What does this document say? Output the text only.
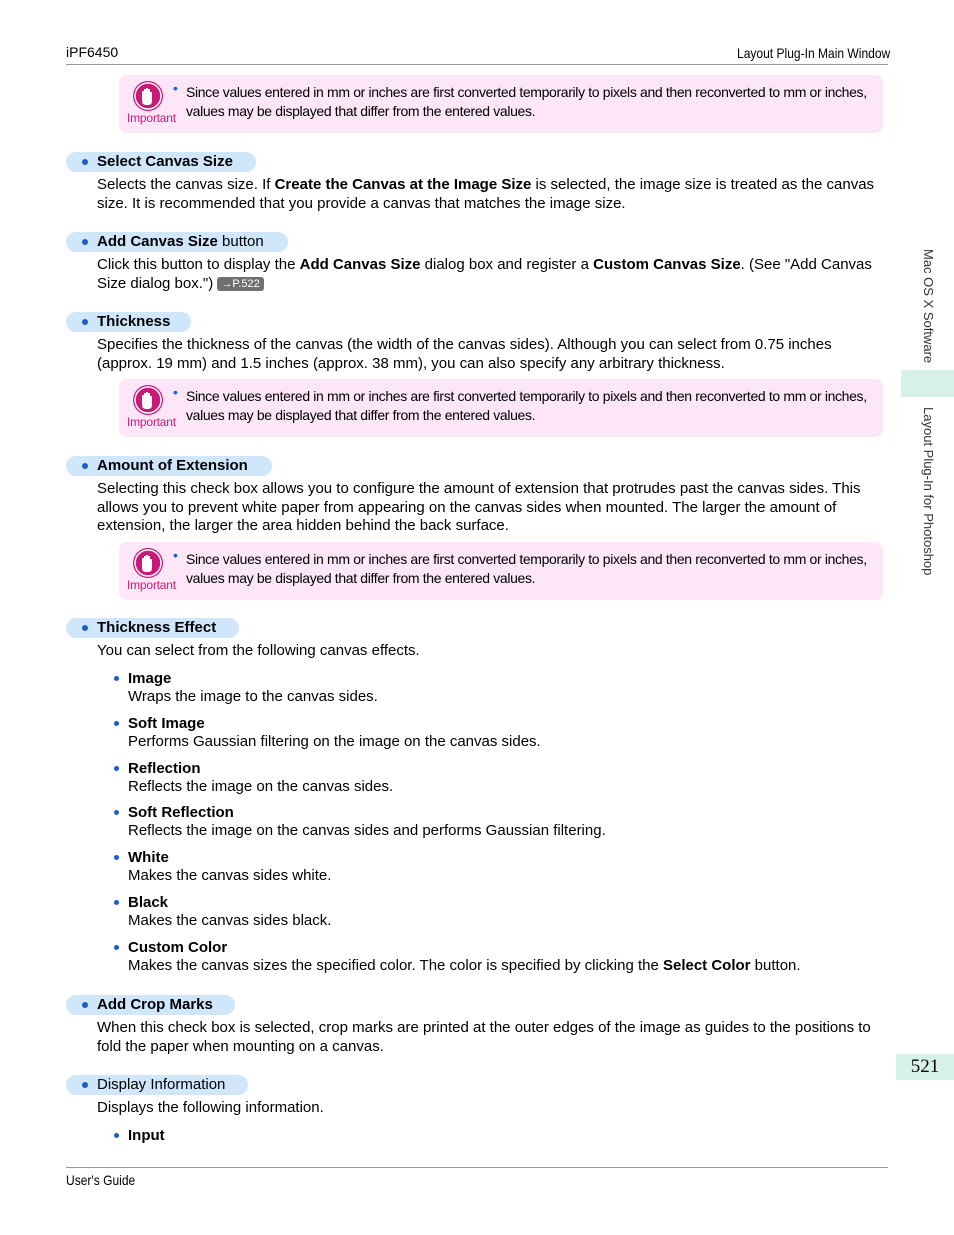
iPF6450	Layout Plug-In Main Window
Important
• Since values entered in mm or inches are first converted temporarily to pixels and then reconverted to mm or inches, values may be displayed that differ from the entered values.
Select Canvas Size
Selects the canvas size. If Create the Canvas at the Image Size is selected, the image size is treated as the canvas size. It is recommended that you provide a canvas that matches the image size.
Add Canvas Size button
Click this button to display the Add Canvas Size dialog box and register a Custom Canvas Size. (See "Add Canvas Size dialog box.") →P.522
Thickness
Specifies the thickness of the canvas (the width of the canvas sides). Although you can select from 0.75 inches (approx. 19 mm) and 1.5 inches (approx. 38 mm), you can also specify any arbitrary thickness.
Important
• Since values entered in mm or inches are first converted temporarily to pixels and then reconverted to mm or inches, values may be displayed that differ from the entered values.
Amount of Extension
Selecting this check box allows you to configure the amount of extension that protrudes past the canvas sides. This allows you to prevent white paper from appearing on the canvas sides when mounted. The larger the amount of extension, the larger the area hidden behind the back surface.
Important
• Since values entered in mm or inches are first converted temporarily to pixels and then reconverted to mm or inches, values may be displayed that differ from the entered values.
Thickness Effect
You can select from the following canvas effects.
Image
Wraps the image to the canvas sides.
Soft Image
Performs Gaussian filtering on the image on the canvas sides.
Reflection
Reflects the image on the canvas sides.
Soft Reflection
Reflects the image on the canvas sides and performs Gaussian filtering.
White
Makes the canvas sides white.
Black
Makes the canvas sides black.
Custom Color
Makes the canvas sizes the specified color. The color is specified by clicking the Select Color button.
Add Crop Marks
When this check box is selected, crop marks are printed at the outer edges of the image as guides to the positions to fold the paper when mounting on a canvas.
Display Information
Displays the following information.
Input
Mac OS X Software
Layout Plug-In for Photoshop
521
User's Guide
